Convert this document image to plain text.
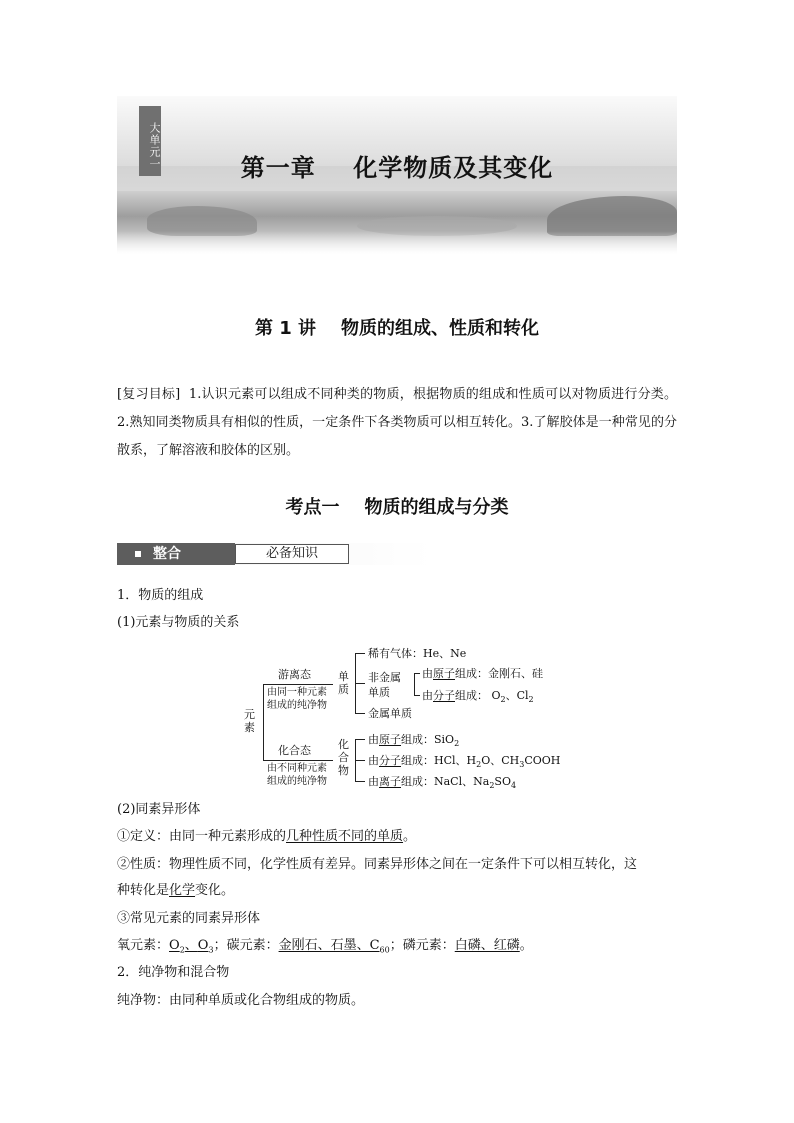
大单元一	第一章    化学物质及其变化
第 1 讲    物质的组成、性质和转化
[复习目标] 1.认识元素可以组成不同种类的物质，根据物质的组成和性质可以对物质进行分类。2.熟知同类物质具有相似的性质，一定条件下各类物质可以相互转化。3.了解胶体是一种常见的分散系，了解溶液和胶体的区别。
考点一    物质的组成与分类
整合	必备知识
1．物质的组成
(1)元素与物质的关系
元素
游离态
由同一种元素
组成的纯净物
化合态
由不同种元素
组成的纯净物
单质
稀有气体：He、Ne
非金属单质
由原子组成：金刚石、硅
由分子组成： $O_2$、$Cl_2$
金属单质
化合物
由原子组成：SiO$_2$
由分子组成：HCl、$H_2O$、$CH_3COOH$
由离子组成：NaCl、$Na_2SO_4$
(2)同素异形体
①定义：由同一种元素形成的几种性质不同的单质。
②性质：物理性质不同，化学性质有差异。同素异形体之间在一定条件下可以相互转化，这
种转化是化学变化。
③常见元素的同素异形体
氧元素：$O_2$、$O_3$；碳元素：金刚石、石墨、$C_{60}$；磷元素：白磷、红磷。
2．纯净物和混合物
纯净物：由同种单质或化合物组成的物质。
